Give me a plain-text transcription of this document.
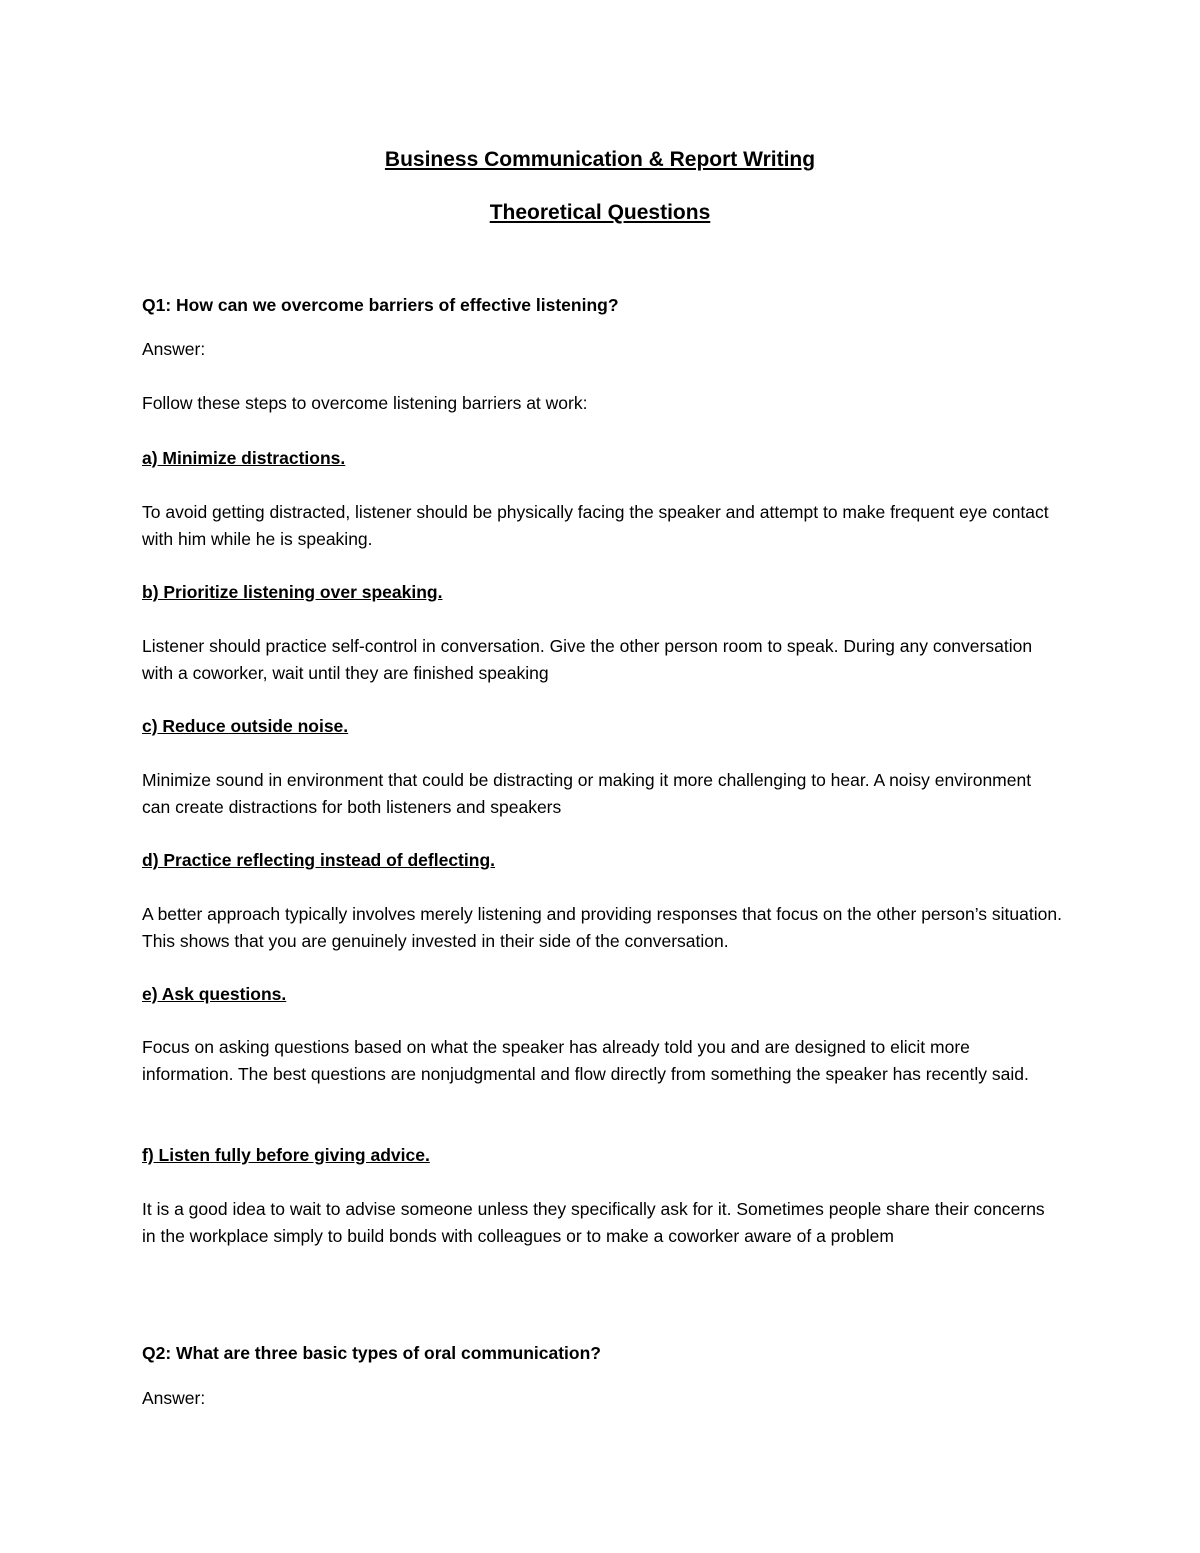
Business Communication & Report Writing

Theoretical Questions

Q1: How can we overcome barriers of effective listening?

Answer:

Follow these steps to overcome listening barriers at work:

a) Minimize distractions.

To avoid getting distracted, listener should be physically facing the speaker and attempt to make frequent eye contact with him while he is speaking.

b) Prioritize listening over speaking.

Listener should practice self-control in conversation. Give the other person room to speak. During any conversation with a coworker, wait until they are finished speaking

c) Reduce outside noise.

Minimize sound in environment that could be distracting or making it more challenging to hear. A noisy environment can create distractions for both listeners and speakers

d) Practice reflecting instead of deflecting.

A better approach typically involves merely listening and providing responses that focus on the other person’s situation. This shows that you are genuinely invested in their side of the conversation.

e) Ask questions.

Focus on asking questions based on what the speaker has already told you and are designed to elicit more information. The best questions are nonjudgmental and flow directly from something the speaker has recently said.

f) Listen fully before giving advice.

It is a good idea to wait to advise someone unless they specifically ask for it. Sometimes people share their concerns in the workplace simply to build bonds with colleagues or to make a coworker aware of a problem

Q2: What are three basic types of oral communication?

Answer:
